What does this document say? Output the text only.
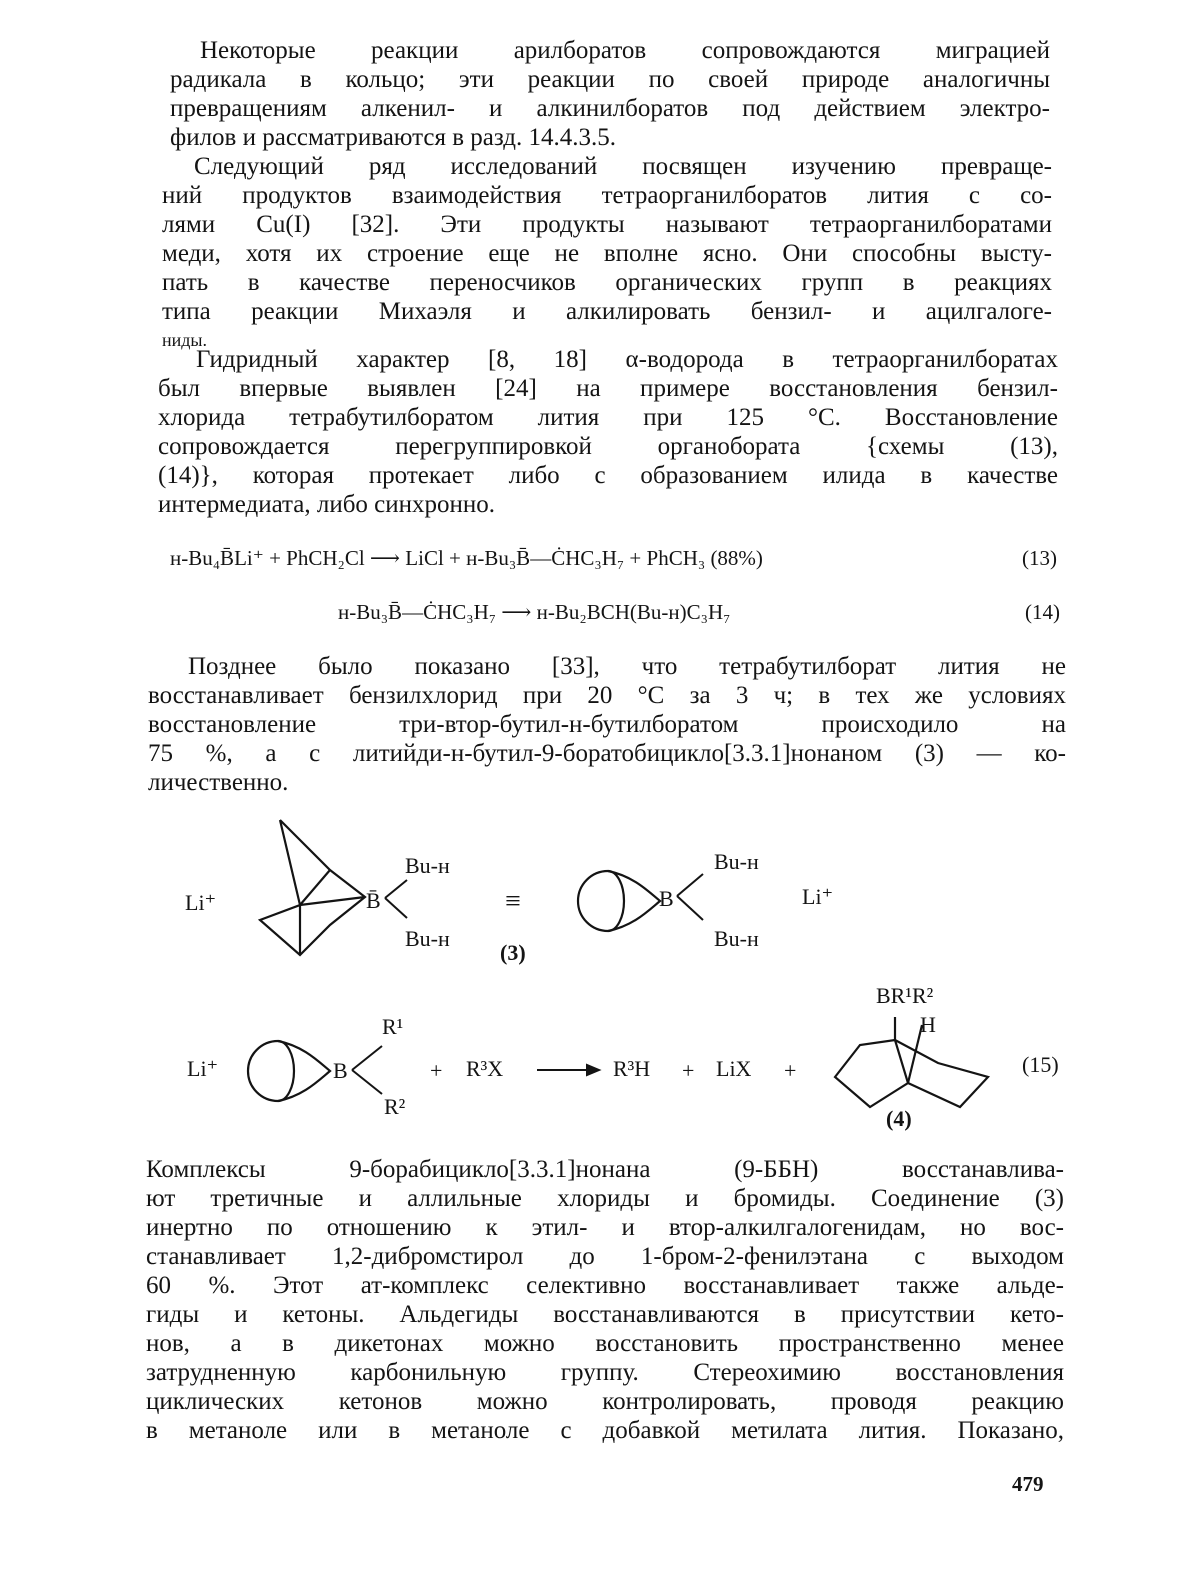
Некоторые реакции арилборатов сопровождаются миграцией
радикала в кольцо; эти реакции по своей природе аналогичны
превращениям алкенил- и алкинилборатов под действием электро-
филов и рассматриваются в разд. 14.4.3.5.
Следующий ряд исследований посвящен изучению превраще-
ний продуктов взаимодействия тетраорганилборатов лития с со-
лями Cu(I) [32]. Эти продукты называют тетраорганилборатами
меди, хотя их строение еще не вполне ясно. Они способны высту-
пать в качестве переносчиков органических групп в реакциях
типа реакции Михаэля и алкилировать бензил- и ацилгалоге-
ниды.
Гидридный характер [8, 18] α-водорода в тетраорганилборатах
был впервые выявлен [24] на примере восстановления бензил-
хлорида тетрабутилборатом лития при 125 °С. Восстановление
сопровождается перегруппировкой органобората {схемы (13),
(14)}, которая протекает либо с образованием илида в качестве
интермедиата, либо синхронно.
н-Bu₄B̄Li⁺ + PhCH₂Cl ⟶ LiCl + н-Bu₃B̄—ĊHC₃H₇ + PhCH₃ (88%)	(13)
н-Bu₃B̄—ĊHC₃H₇ ⟶ н-Bu₂BCH(Bu-н)C₃H₇	(14)
Позднее было показано [33], что тетрабутилборат лития не
восстанавливает бензилхлорид при 20 °С за 3 ч; в тех же условиях
восстановление три-втор-бутил-н-бутилборатом происходило на
75 %, а с литийди-н-бутил-9-боратобицикло[3.3.1]нонаном (3) — ко-
личественно.
Li⁺	B̄
Bu-н
Bu-н
≡	B
Bu-н
Bu-н
Li⁺
(3)
Li⁺	B
R¹
R²
+ R³X	R³H + LiX +
BR¹R²
H
(4)
(15)
Комплексы 9-борабицикло[3.3.1]нонана (9-ББН) восстанавлива-
ют третичные и аллильные хлориды и бромиды. Соединение (3)
инертно по отношению к этил- и втор-алкилгалогенидам, но вос-
станавливает 1,2-дибромстирол до 1-бром-2-фенилэтана с выходом
60 %. Этот ат-комплекс селективно восстанавливает также альде-
гиды и кетоны. Альдегиды восстанавливаются в присутствии кето-
нов, а в дикетонах можно восстановить пространственно менее
затрудненную карбонильную группу. Стереохимию восстановления
циклических кетонов можно контролировать, проводя реакцию
в метаноле или в метаноле с добавкой метилата лития. Показано,
479
